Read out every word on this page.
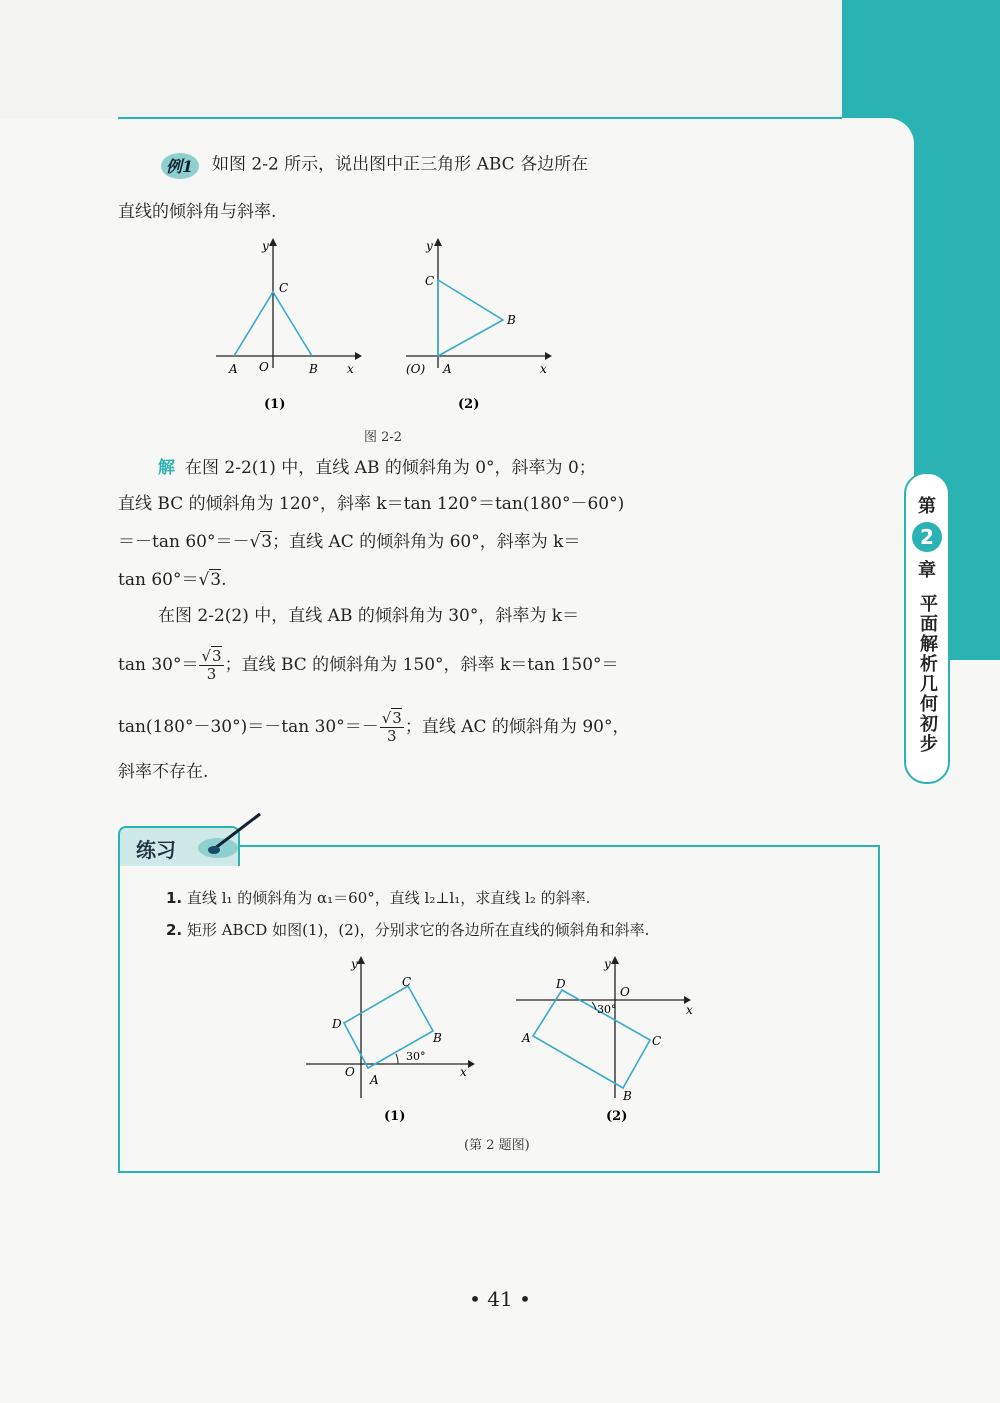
第
2
章
平面解析几何初步
例1 如图 2-2 所示，说出图中正三角形 ABC 各边所在
直线的倾斜角与斜率.
y
x
A O	B
C
(1)
y
x
(O) A
B
C
(2)
图 2-2
解 在图 2-2(1) 中，直线 AB 的倾斜角为 0°，斜率为 0；
直线 BC 的倾斜角为 120°，斜率 k＝tan 120°＝tan(180°－60°)
＝－tan 60°＝－√3；直线 AC 的倾斜角为 60°，斜率为 k＝
tan 60°＝√3.
在图 2-2(2) 中，直线 AB 的倾斜角为 30°，斜率为 k＝
$\tan 30^\circ= \frac{√3}{3}$ ；直线 BC 的倾斜角为 150°，斜率 k＝tan 150°＝
tan(180°－30°)＝－tan $30^\circ=- \frac{√3}{3}$ ；直线 AC 的倾斜角为 90°，
斜率不存在.
练习
1. 直线 l₁ 的倾斜角为 α₁＝60°，直线 l₂⊥l₁，求直线 l₂ 的斜率.
2. 矩形 ABCD 如图(1)，(2)，分别求它的各边所在直线的倾斜角和斜率.
y
x
O
A
B
C
D
30°
(1)
y
x
O
A
B
C
D
30°
(2)
(第 2 题图)
• 41 •
